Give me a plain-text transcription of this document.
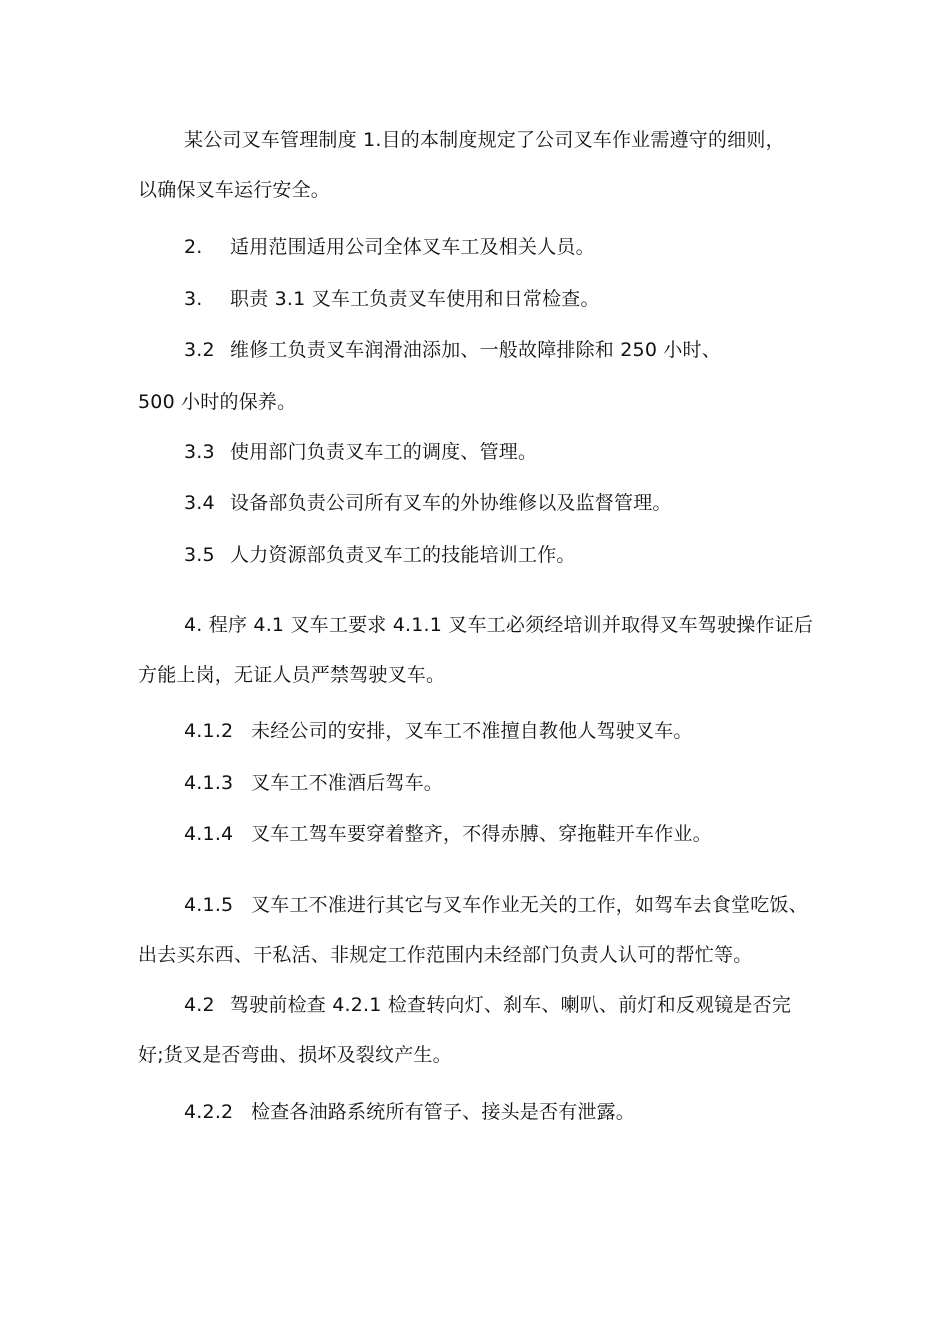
某公司叉车管理制度 1.目的本制度规定了公司叉车作业需遵守的细则，
以确保叉车运行安全。
2. 适用范围适用公司全体叉车工及相关人员。
3. 职责 3.1 叉车工负责叉车使用和日常检查。
3.2 维修工负责叉车润滑油添加、一般故障排除和 250 小时、
500 小时的保养。
3.3 使用部门负责叉车工的调度、管理。
3.4 设备部负责公司所有叉车的外协维修以及监督管理。
3.5 人力资源部负责叉车工的技能培训工作。
4. 程序 4.1 叉车工要求 4.1.1 叉车工必须经培训并取得叉车驾驶操作证后
方能上岗，无证人员严禁驾驶叉车。
4.1.2 未经公司的安排，叉车工不准擅自教他人驾驶叉车。
4.1.3 叉车工不准酒后驾车。
4.1.4 叉车工驾车要穿着整齐，不得赤膊、穿拖鞋开车作业。
4.1.5 叉车工不准进行其它与叉车作业无关的工作，如驾车去食堂吃饭、
出去买东西、干私活、非规定工作范围内未经部门负责人认可的帮忙等。
4.2 驾驶前检查 4.2.1 检查转向灯、刹车、喇叭、前灯和反观镜是否完
好;货叉是否弯曲、损坏及裂纹产生。
4.2.2 检查各油路系统所有管子、接头是否有泄露。
